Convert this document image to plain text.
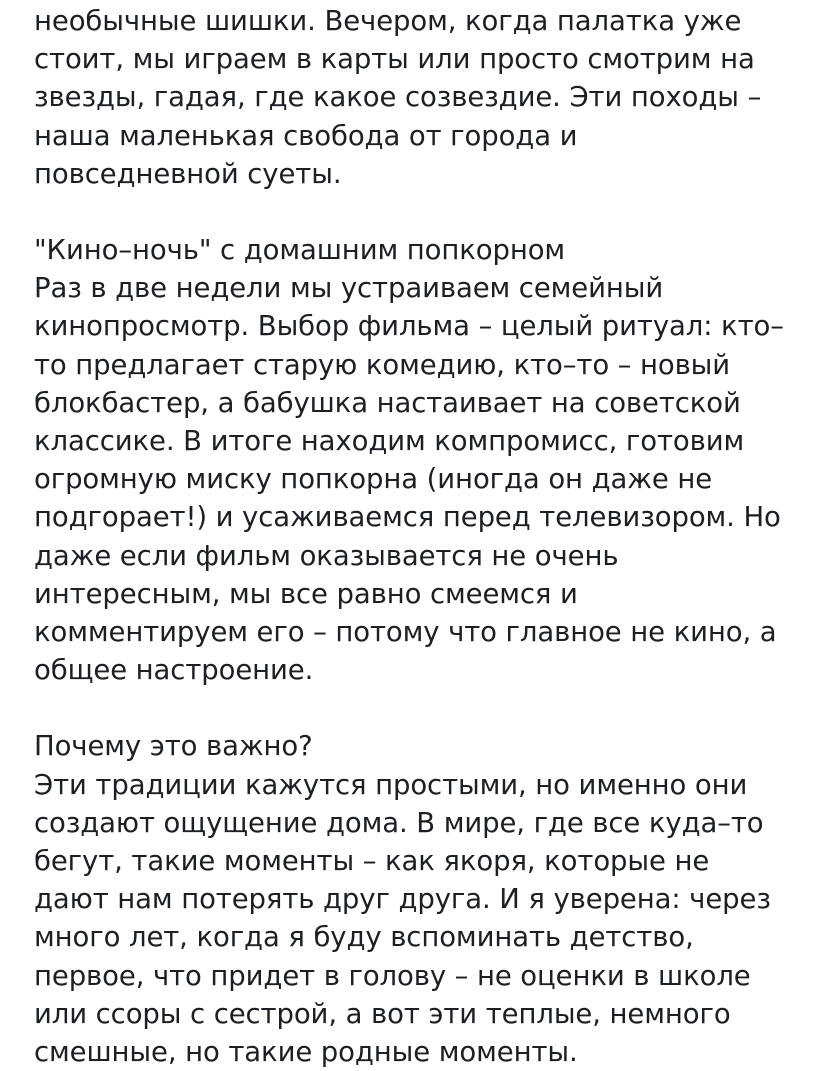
необычные шишки. Вечером, когда палатка уже стоит, мы играем в карты или просто смотрим на звезды, гадая, где какое созвездие. Эти походы – наша маленькая свобода от города и повседневной суеты.

"Кино–ночь" с домашним попкорном

Раз в две недели мы устраиваем семейный кинопросмотр. Выбор фильма – целый ритуал: кто–то предлагает старую комедию, кто–то – новый блокбастер, а бабушка настаивает на советской классике. В итоге находим компромисс, готовим огромную миску попкорна (иногда он даже не подгорает!) и усаживаемся перед телевизором. Но даже если фильм оказывается не очень интересным, мы все равно смеемся и комментируем его – потому что главное не кино, а общее настроение.

Почему это важно?

Эти традиции кажутся простыми, но именно они создают ощущение дома. В мире, где все куда–то бегут, такие моменты – как якоря, которые не дают нам потерять друг друга. И я уверена: через много лет, когда я буду вспоминать детство, первое, что придет в голову – не оценки в школе или ссоры с сестрой, а вот эти теплые, немного смешные, но такие родные моменты.
